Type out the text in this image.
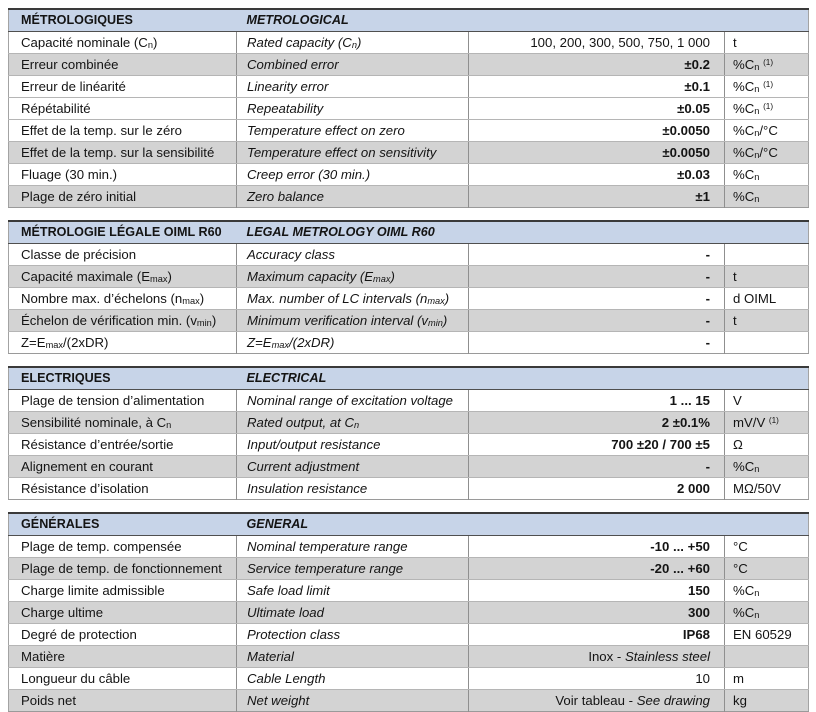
MÉTROLOGIQUES	METROLOGICAL		
Capacité nominale $(C_n)$	Rated capacity $(C_n)$	100, 200, 300, 500, 750, 1 000	t
Erreur combinée	Combined error	±0.2	$\%C_n$ $^{(1)}$
Erreur de linéarité	Linearity error	±0.1	$\%C_n$ $^{(1)}$
Répétabilité	Repeatability	±0.05	$\%C_n$ $^{(1)}$
Effet de la temp. sur le zéro	Temperature effect on zero	±0.0050	$\%C_n/^\circ C$
Effet de la temp. sur la sensibilité	Temperature effect on sensitivity	±0.0050	$\%C_n/^\circ C$
Fluage (30 min.)	Creep error (30 min.)	±0.03	$\%C_n$
Plage de zéro initial	Zero balance	±1	$\%C_n$
MÉTROLOGIE LÉGALE OIML R60	LEGAL METROLOGY OIML R60		
Classe de précision	Accuracy class	-	
Capacité maximale $(E_{max})$	Maximum capacity $(E_{max})$	-	t
Nombre max. d’échelons $(n_{max})$	Max. number of LC intervals $(n_{max})$	-	d OIML
Échelon de vérification min. $(v_{min})$	Minimum verification interval $(v_{min})$	-	t
$Z=E_{max}/(2xDR)$	$Z=E_{max}/(2xDR)$	-	
ELECTRIQUES	ELECTRICAL		
Plage de tension d’alimentation	Nominal range of excitation voltage	1 ... 15	V
Sensibilité nominale, à $C_n$	Rated output, at $C_n$	2 ±0.1%	mV/V $^{(1)}$
Résistance d’entrée/sortie	Input/output resistance	700 ±20 / 700 ±5	Ω
Alignement en courant	Current adjustment	-	$\%C_n$
Résistance d’isolation	Insulation resistance	2 000	MΩ/50V
GÉNÉRALES	GENERAL		
Plage de temp. compensée	Nominal temperature range	-10 ... +50	°C
Plage de temp. de fonctionnement	Service temperature range	-20 ... +60	°C
Charge limite admissible	Safe load limit	150	$\%C_n$
Charge ultime	Ultimate load	300	$\%C_n$
Degré de protection	Protection class	IP68	EN 60529
Matière	Material	Inox - Stainless steel	
Longueur du câble	Cable Length	10	m
Poids net	Net weight	Voir tableau - See drawing	kg
